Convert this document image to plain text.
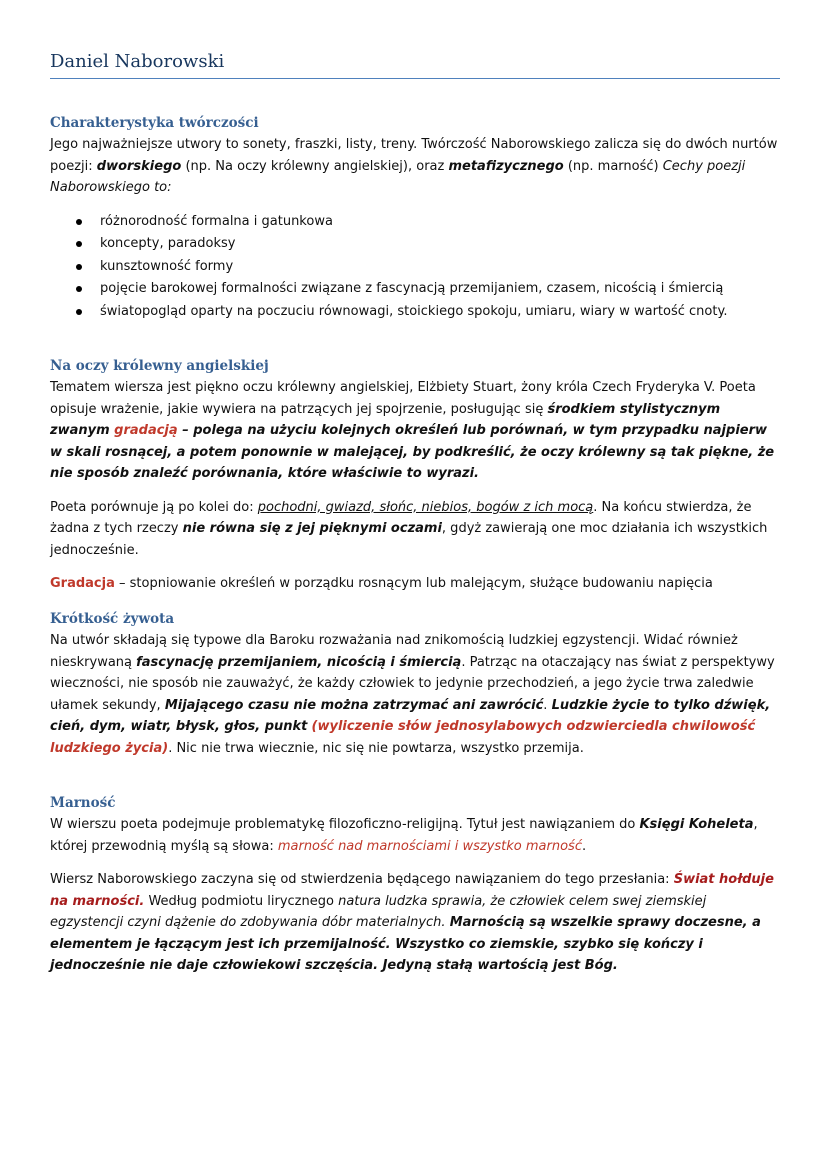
Daniel Naborowski
Charakterystyka twórczości

Jego najważniejsze utwory to sonety, fraszki, listy, treny. Twórczość Naborowskiego zalicza się do dwóch nurtów poezji: dworskiego (np. Na oczy królewny angielskiej), oraz metafizycznego (np. marność) Cechy poezji Naborowskiego to:

różnorodność formalna i gatunkowa
koncepty, paradoksy
kunsztowność formy
pojęcie barokowej formalności związane z fascynacją przemijaniem, czasem, nicością i śmiercią
światopogląd oparty na poczuciu równowagi, stoickiego spokoju, umiaru, wiary w wartość cnoty.
Na oczy królewny angielskiej

Tematem wiersza jest piękno oczu królewny angielskiej, Elżbiety Stuart, żony króla Czech Fryderyka V. Poeta opisuje wrażenie, jakie wywiera na patrzących jej spojrzenie, posługując się środkiem stylistycznym zwanym gradacją – polega na użyciu kolejnych określeń lub porównań, w tym przypadku najpierw w skali rosnącej, a potem ponownie w malejącej, by podkreślić, że oczy królewny są tak piękne, że nie sposób znaleźć porównania, które właściwie to wyrazi.

Poeta porównuje ją po kolei do: pochodni, gwiazd, słońc, niebios, bogów z ich mocą. Na końcu stwierdza, że żadna z tych rzeczy nie równa się z jej pięknymi oczami, gdyż zawierają one moc działania ich wszystkich jednocześnie.

Gradacja – stopniowanie określeń w porządku rosnącym lub malejącym, służące budowaniu napięcia

Krótkość żywota

Na utwór składają się typowe dla Baroku rozważania nad znikomością ludzkiej egzystencji. Widać również nieskrywaną fascynację przemijaniem, nicością i śmiercią. Patrząc na otaczający nas świat z perspektywy wieczności, nie sposób nie zauważyć, że każdy człowiek to jedynie przechodzień, a jego życie trwa zaledwie ułamek sekundy, Mijającego czasu nie można zatrzymać ani zawrócić. Ludzkie życie to tylko dźwięk, cień, dym, wiatr, błysk, głos, punkt (wyliczenie słów jednosylabowych odzwierciedla chwilowość ludzkiego życia). Nic nie trwa wiecznie, nic się nie powtarza, wszystko przemija.

Marność

W wierszu poeta podejmuje problematykę filozoficzno-religijną. Tytuł jest nawiązaniem do Księgi Koheleta, której przewodnią myślą są słowa: marność nad marnościami i wszystko marność.

Wiersz Naborowskiego zaczyna się od stwierdzenia będącego nawiązaniem do tego przesłania: Świat hołduje na marności. Według podmiotu lirycznego natura ludzka sprawia, że człowiek celem swej ziemskiej egzystencji czyni dążenie do zdobywania dóbr materialnych. Marnością są wszelkie sprawy doczesne, a elementem je łączącym jest ich przemijalność. Wszystko co ziemskie, szybko się kończy i jednocześnie nie daje człowiekowi szczęścia. Jedyną stałą wartością jest Bóg.
